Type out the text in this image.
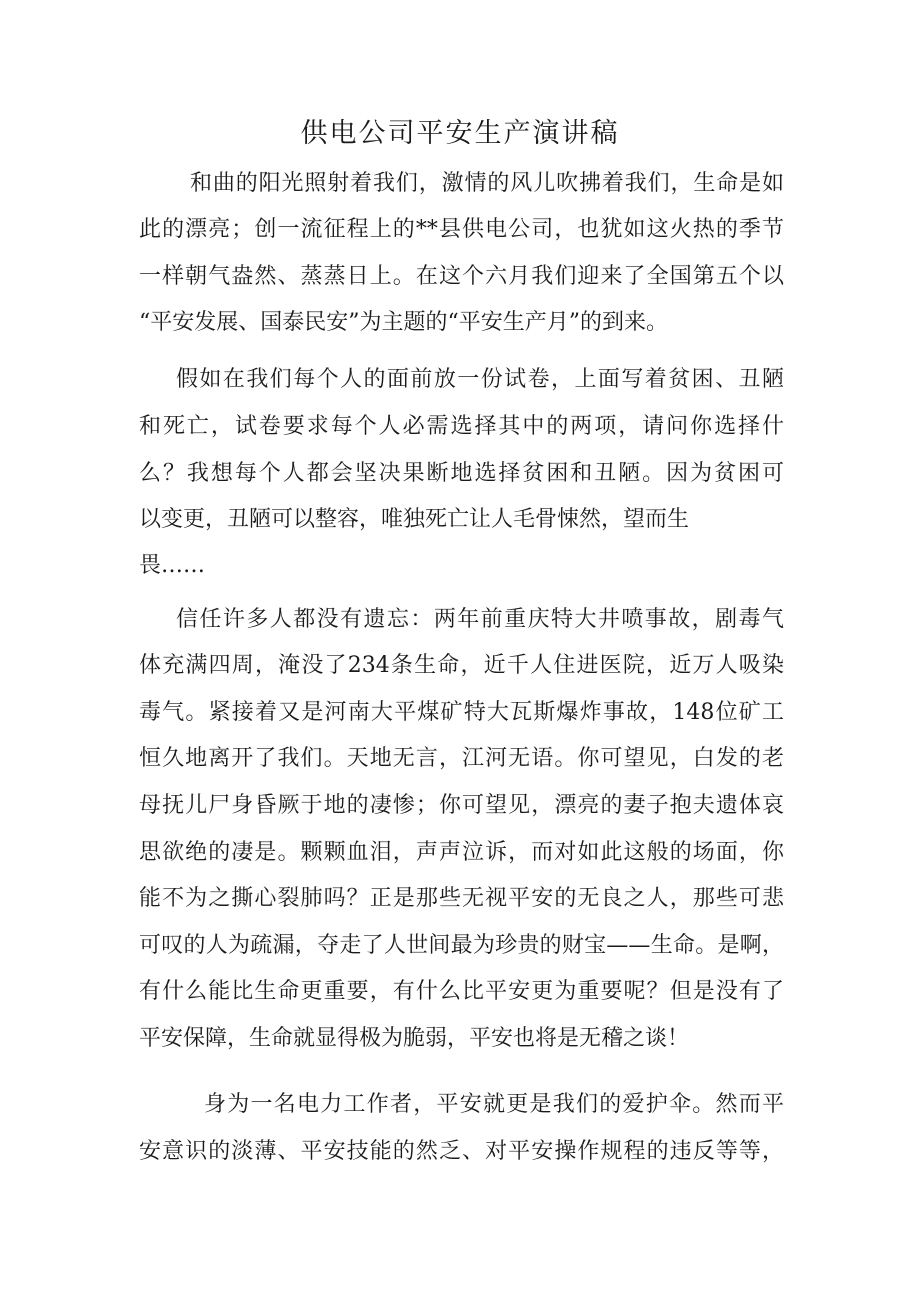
供电公司平安生产演讲稿
和曲的阳光照射着我们，激情的风儿吹拂着我们，生命是如
此的漂亮；创一流征程上的**县供电公司，也犹如这火热的季节
一样朝气盎然、蒸蒸日上。在这个六月我们迎来了全国第五个以
“平安发展、国泰民安”为主题的“平安生产月”的到来。
假如在我们每个人的面前放一份试卷，上面写着贫困、丑陋
和死亡，试卷要求每个人必需选择其中的两项，请问你选择什
么？我想每个人都会坚决果断地选择贫困和丑陋。因为贫困可
以变更，丑陋可以整容，唯独死亡让人毛骨悚然，望而生
畏……
信任许多人都没有遗忘：两年前重庆特大井喷事故，剧毒气
体充满四周，淹没了234条生命，近千人住进医院，近万人吸染
毒气。紧接着又是河南大平煤矿特大瓦斯爆炸事故，148位矿工
恒久地离开了我们。天地无言，江河无语。你可望见，白发的老
母抚儿尸身昏厥于地的凄惨；你可望见，漂亮的妻子抱夫遗体哀
思欲绝的凄是。颗颗血泪，声声泣诉，而对如此这般的场面，你
能不为之撕心裂肺吗？正是那些无视平安的无良之人，那些可悲
可叹的人为疏漏，夺走了人世间最为珍贵的财宝——生命。是啊，
有什么能比生命更重要，有什么比平安更为重要呢？但是没有了
平安保障，生命就显得极为脆弱，平安也将是无稽之谈！
身为一名电力工作者，平安就更是我们的爱护伞。然而平
安意识的淡薄、平安技能的然乏、对平安操作规程的违反等等，
